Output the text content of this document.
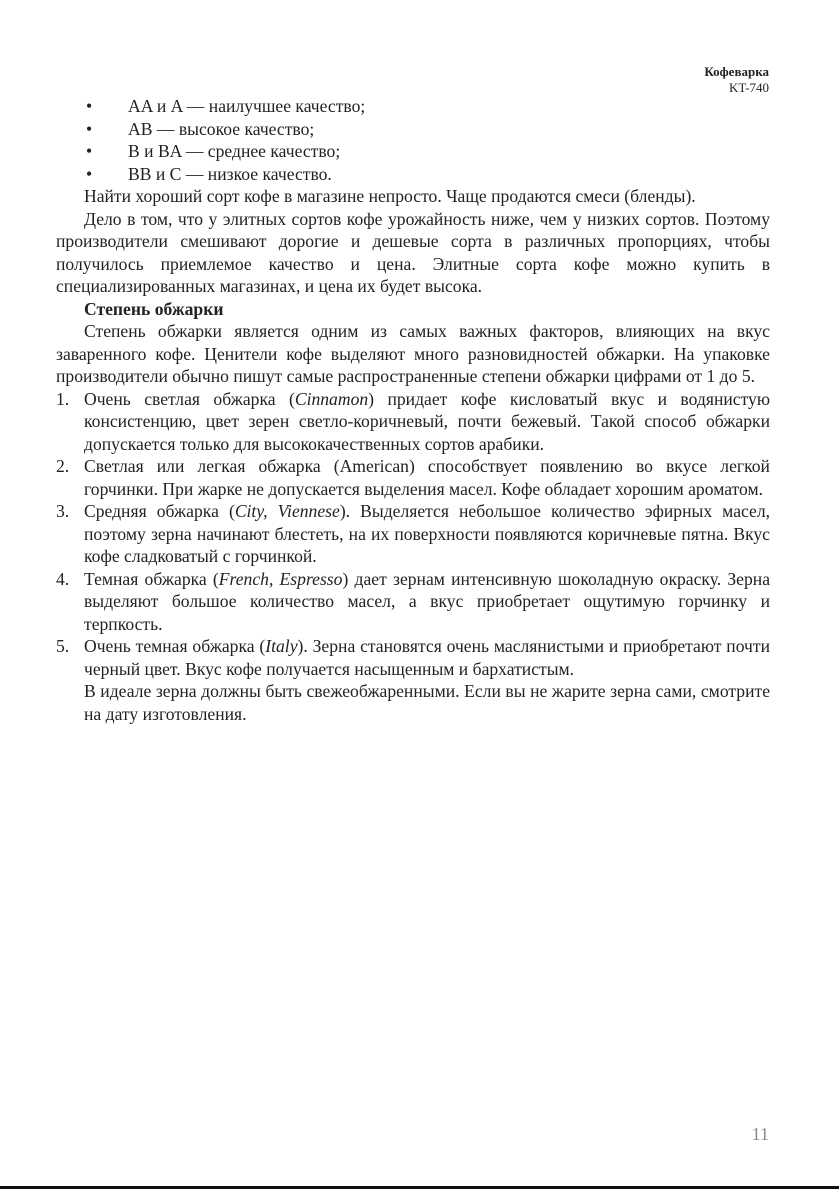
Кофеварка
KT-740
• AA и A — наилучшее качество;
• AB — высокое качество;
• B и BA — среднее качество;
• BB и C — низкое качество.

Найти хороший сорт кофе в магазине непросто. Чаще продаются смеси (бленды).

Дело в том, что у элитных сортов кофе урожайность ниже, чем у низких сортов. Поэтому производители смешивают дорогие и дешевые сорта в различных пропорциях, чтобы получилось приемлемое качество и цена. Элитные сорта кофе можно купить в специализированных магазинах, и цена их будет высока.

Степень обжарки

Степень обжарки является одним из самых важных факторов, влияющих на вкус заваренного кофе. Ценители кофе выделяют много разновидностей обжарки. На упаковке производители обычно пишут самые распространенные степени обжарки цифрами от 1 до 5.

1. Очень светлая обжарка (Cinnamon) придает кофе кисловатый вкус и водянистую консистенцию, цвет зерен светло-коричневый, почти бежевый. Такой способ обжарки допускается только для высококачественных сортов арабики.
2. Светлая или легкая обжарка (American) способствует появлению во вкусе легкой горчинки. При жарке не допускается выделения масел. Кофе обладает хорошим ароматом.
3. Средняя обжарка (City, Viennese). Выделяется небольшое количество эфирных масел, поэтому зерна начинают блестеть, на их поверхности появляются коричневые пятна. Вкус кофе сладковатый с горчинкой.
4. Темная обжарка (French, Espresso) дает зернам интенсивную шоколадную окраску. Зерна выделяют большое количество масел, а вкус приобретает ощутимую горчинку и терпкость.
5. Очень темная обжарка (Italy). Зерна становятся очень маслянистыми и приобретают почти черный цвет. Вкус кофе получается насыщенным и бархатистым.

В идеале зерна должны быть свежеобжаренными. Если вы не жарите зерна сами, смотрите на дату изготовления.

11
